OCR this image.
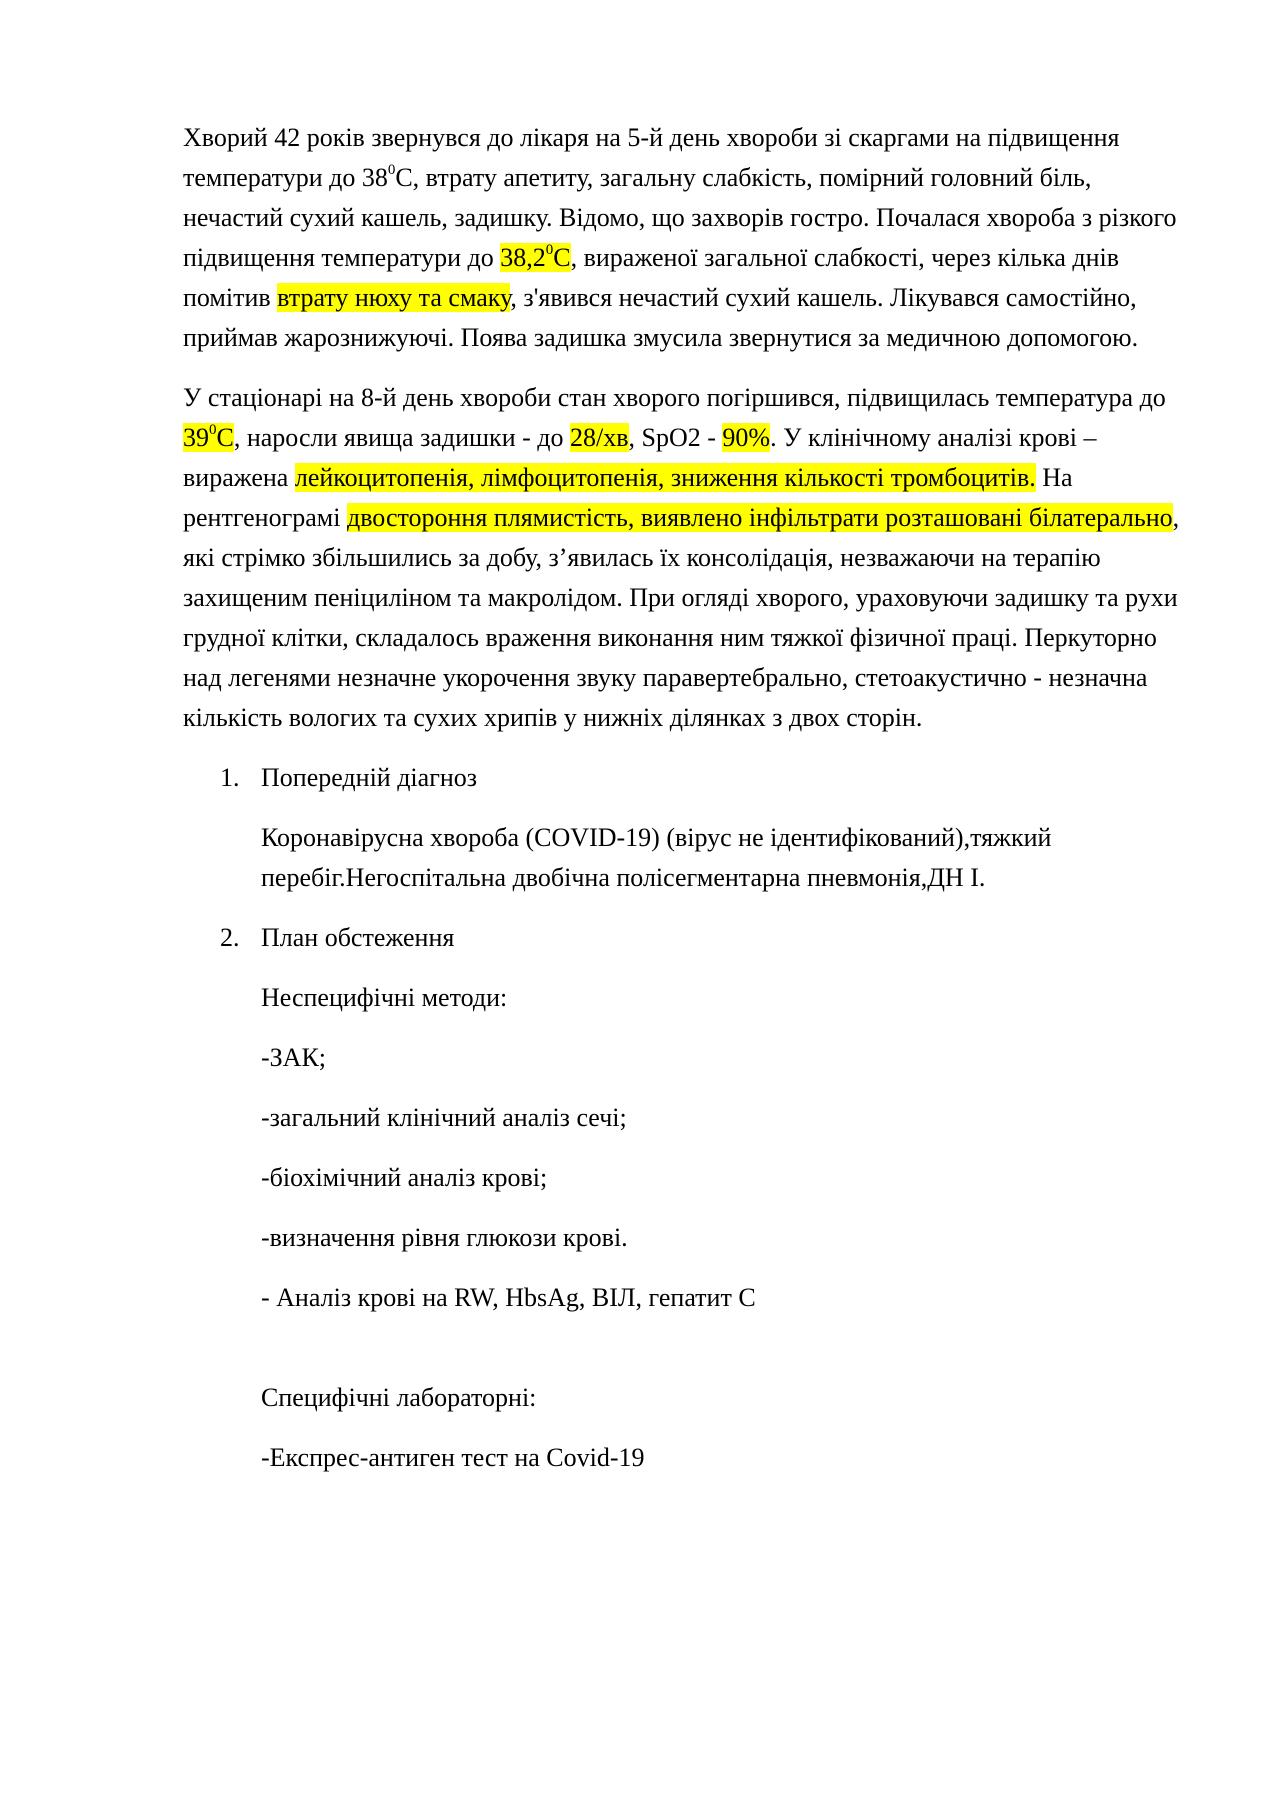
Хворий 42 років звернувся до лікаря на 5-й день хвороби зі скаргами на підвищення температури до $38^0С$, втрату апетиту, загальну слабкість, помірний головний біль, нечастий сухий кашель, задишку. Відомо, що захворів гостро. Почалася хвороба з різкого підвищення температури до 38,2$^0$С, вираженої загальної слабкості, через кілька днів помітив втрату нюху та смаку, з'явився нечастий сухий кашель. Лікувався самостійно, приймав жарознижуючі. Поява задишка змусила звернутися за медичною допомогою.

У стаціонарі на 8-й день хвороби стан хворого погіршився, підвищилась температура до $39^0С$, наросли явища задишки - до 28/хв, SpO2 - 90%. У клінічному аналізі крові – виражена лейкоцитопенія, лімфоцитопенія, зниження кількості тромбоцитів. На рентгенограмі двостороння плямистість, виявлено інфільтрати розташовані білатерально, які стрімко збільшились за добу, з’явилась їх консолідація, незважаючи на терапію захищеним пеніциліном та макролідом. При огляді хворого, ураховуючи задишку та рухи грудної клітки, складалось враження виконання ним тяжкої фізичної праці. Перкуторно над легенями незначне укорочення звуку паравертебрально, стетоакустично - незначна кількість вологих та сухих хрипів у нижніх ділянках з двох сторін.

1. Попередній діагноз

Коронавірусна хвороба (COVID-19) (вірус не ідентифікований),тяжкий перебіг.Негоспітальна двобічна полісегментарна пневмонія,ДН І.

2. План обстеження

Неспецифічні методи:

-ЗАК;

-загальний клінічний аналіз сечі;

-біохімічний аналіз крові;

-визначення рівня глюкози крові.

- Аналіз крові на RW, HbsAg, ВІЛ, гепатит С

Специфічні лабораторні:

-Експрес-антиген тест на Covid-19
